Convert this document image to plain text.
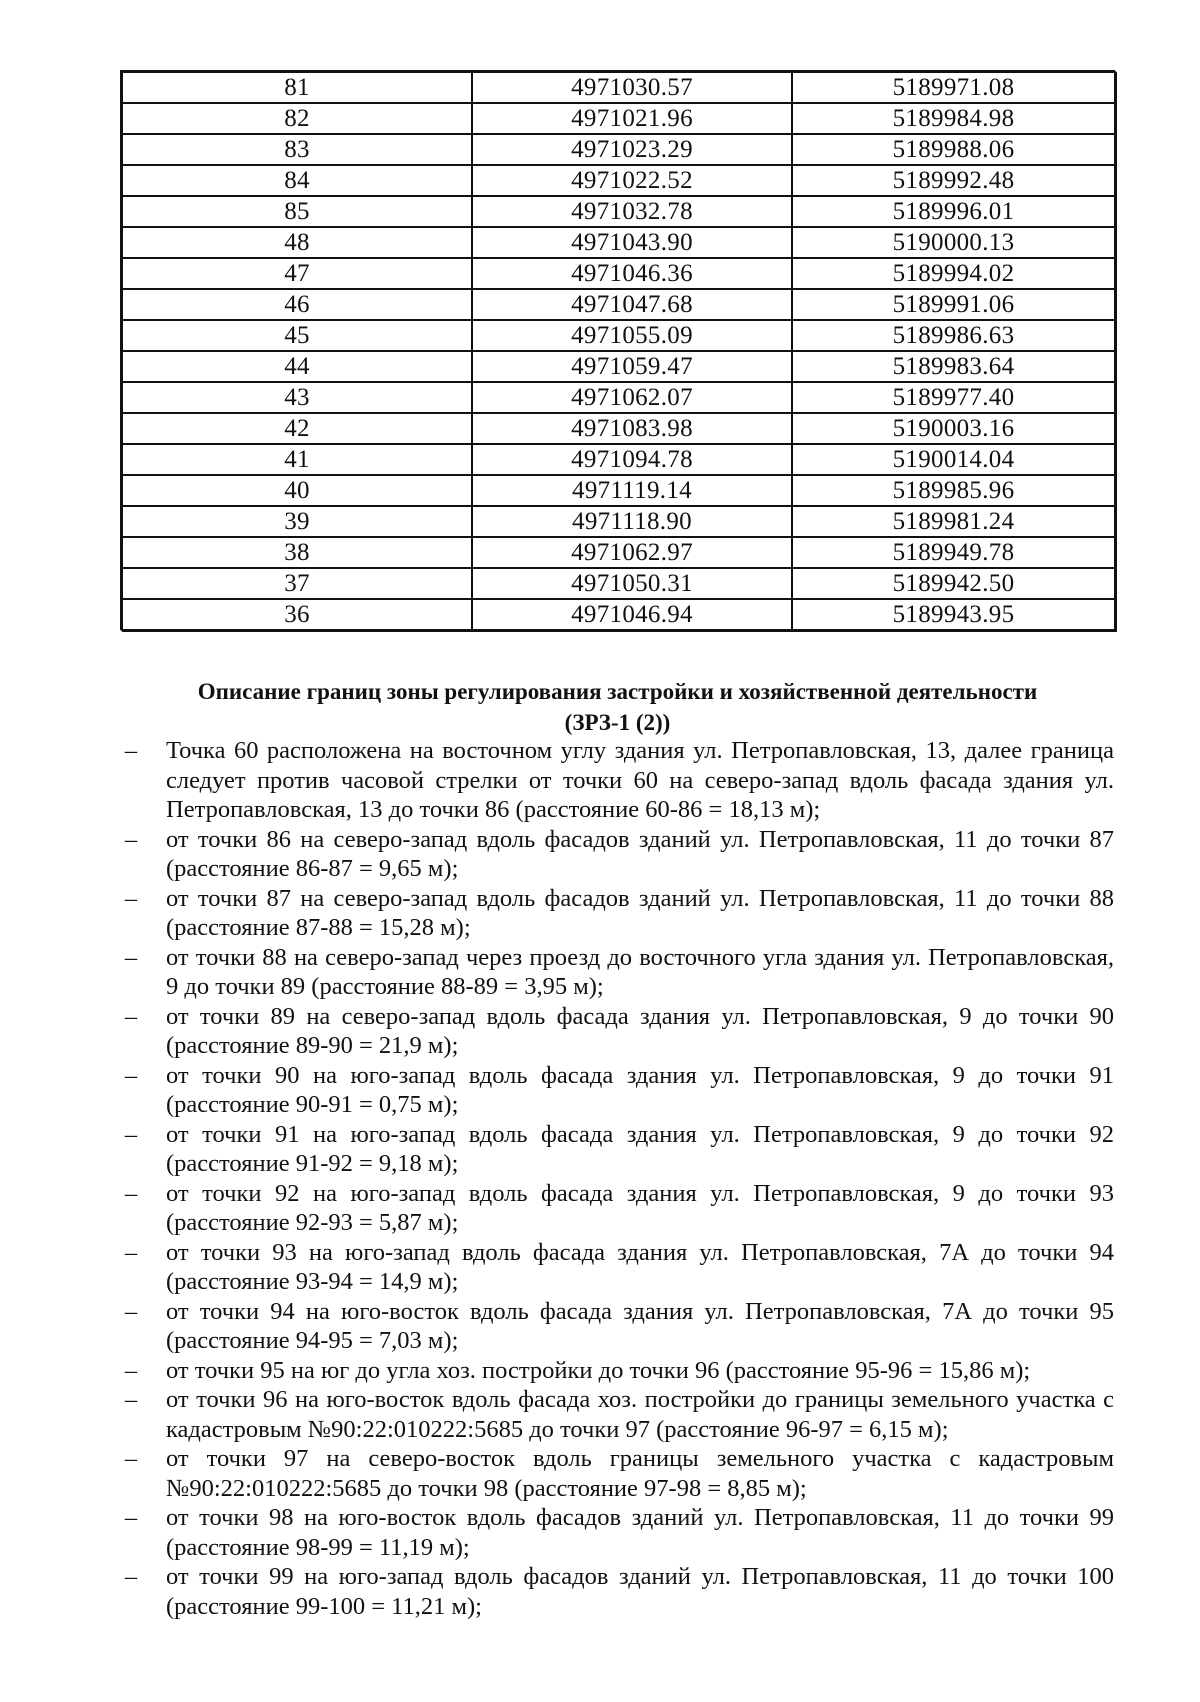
81	4971030.57	5189971.08
82	4971021.96	5189984.98
83	4971023.29	5189988.06
84	4971022.52	5189992.48
85	4971032.78	5189996.01
48	4971043.90	5190000.13
47	4971046.36	5189994.02
46	4971047.68	5189991.06
45	4971055.09	5189986.63
44	4971059.47	5189983.64
43	4971062.07	5189977.40
42	4971083.98	5190003.16
41	4971094.78	5190014.04
40	4971119.14	5189985.96
39	4971118.90	5189981.24
38	4971062.97	5189949.78
37	4971050.31	5189942.50
36	4971046.94	5189943.95
Описание границ зоны регулирования застройки и хозяйственной деятельности
(ЗРЗ-1 (2))
– Точка 60 расположена на восточном углу здания ул. Петропавловская, 13, далее граница следует против часовой стрелки от точки 60 на северо-запад вдоль фасада здания ул. Петропавловская, 13 до точки 86 (расстояние 60-86 = 18,13 м);
– от точки 86 на северо-запад вдоль фасадов зданий ул. Петропавловская, 11 до точки 87 (расстояние 86-87 = 9,65 м);
– от точки 87 на северо-запад вдоль фасадов зданий ул. Петропавловская, 11 до точки 88 (расстояние 87-88 = 15,28 м);
– от точки 88 на северо-запад через проезд до восточного угла здания ул. Петропавловская, 9 до точки 89 (расстояние 88-89 = 3,95 м);
– от точки 89 на северо-запад вдоль фасада здания ул. Петропавловская, 9 до точки 90 (расстояние 89-90 = 21,9 м);
– от точки 90 на юго-запад вдоль фасада здания ул. Петропавловская, 9 до точки 91 (расстояние 90-91 = 0,75 м);
– от точки 91 на юго-запад вдоль фасада здания ул. Петропавловская, 9 до точки 92 (расстояние 91-92 = 9,18 м);
– от точки 92 на юго-запад вдоль фасада здания ул. Петропавловская, 9 до точки 93 (расстояние 92-93 = 5,87 м);
– от точки 93 на юго-запад вдоль фасада здания ул. Петропавловская, 7А до точки 94 (расстояние 93-94 = 14,9 м);
– от точки 94 на юго-восток вдоль фасада здания ул. Петропавловская, 7А до точки 95 (расстояние 94-95 = 7,03 м);
– от точки 95 на юг до угла хоз. постройки до точки 96 (расстояние 95-96 = 15,86 м);
– от точки 96 на юго-восток вдоль фасада хоз. постройки до границы земельного участка с кадастровым №90:22:010222:5685 до точки 97 (расстояние 96-97 = 6,15 м);
– от точки 97 на северо-восток вдоль границы земельного участка с кадастровым №90:22:010222:5685 до точки 98 (расстояние 97-98 = 8,85 м);
– от точки 98 на юго-восток вдоль фасадов зданий ул. Петропавловская, 11 до точки 99 (расстояние 98-99 = 11,19 м);
– от точки 99 на юго-запад вдоль фасадов зданий ул. Петропавловская, 11 до точки 100 (расстояние 99-100 = 11,21 м);
